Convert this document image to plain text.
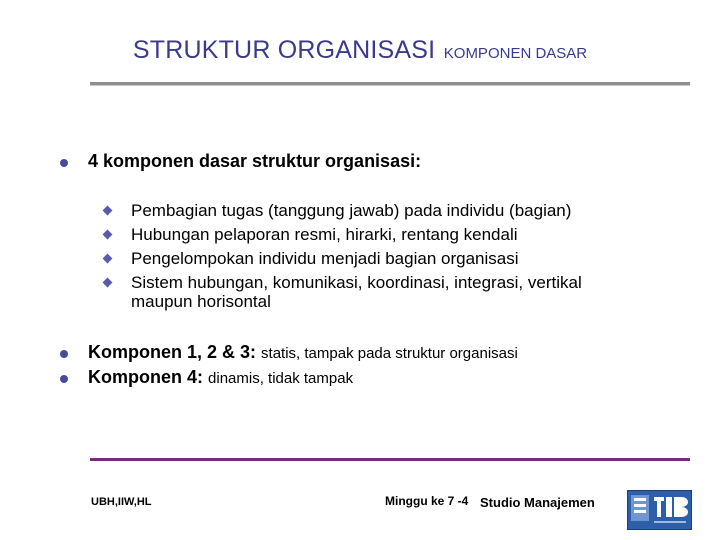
STRUKTUR ORGANISASI KOMPONEN DASAR
4 komponen dasar struktur organisasi:
Pembagian tugas (tanggung jawab) pada individu (bagian)
Hubungan pelaporan resmi, hirarki, rentang kendali
Pengelompokan individu menjadi bagian organisasi
Sistem hubungan, komunikasi, koordinasi, integrasi, vertikal
maupun horisontal
Komponen 1, 2 & 3: statis, tampak pada struktur organisasi
Komponen 4: dinamis, tidak tampak
UBH,IIW,HL	Minggu ke 7 -4 Studio Manajemen
